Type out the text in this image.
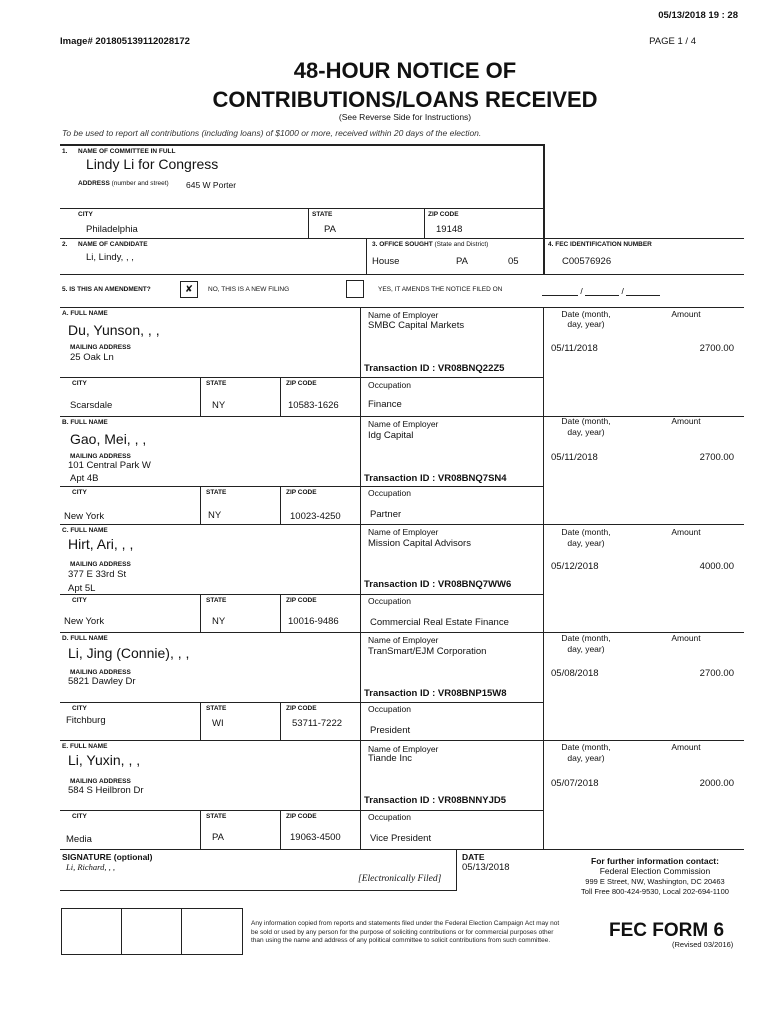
05/13/2018 19 : 28
Image# 201805139112028172	PAGE 1 / 4
48-HOUR NOTICE OF
CONTRIBUTIONS/LOANS RECEIVED
(See Reverse Side for Instructions)
To be used to report all contributions (including loans) of $1000 or more, received within 20 days of the election.
1. NAME OF COMMITTEE IN FULL
Lindy Li for Congress
ADDRESS (number and street) 645 W Porter
CITY	STATE	ZIP CODE
Philadelphia	PA	19148
2. NAME OF CANDIDATE
Li, Lindy, , ,
3. OFFICE SOUGHT (State and District)
House	PA	05
4. FEC IDENTIFICATION NUMBER
C00576926
5. IS THIS AN AMENDMENT?	✘	NO, THIS IS A NEW FILING	YES, IT AMENDS THE NOTICE FILED ON	/	/
A. FULL NAME
Du, Yunson, , ,
MAILING ADDRESS
25 Oak Ln
CITY	STATE	ZIP CODE
Scarsdale	NY	10583-1626
Name of Employer
SMBC Capital Markets
Transaction ID : VR08BNQ22Z5
Occupation
Finance
Date (month,
day, year)
Amount
05/11/2018	2700.00
B. FULL NAME
Gao, Mei, , ,
MAILING ADDRESS
101 Central Park W
Apt 4B
CITY	STATE	ZIP CODE
New York	NY	10023-4250
Name of Employer
Idg Capital
Transaction ID : VR08BNQ7SN4
Occupation
Partner
Date (month,
day, year)
Amount
05/11/2018	2700.00
C. FULL NAME
Hirt, Ari, , ,
MAILING ADDRESS
377 E 33rd St
Apt 5L
CITY	STATE	ZIP CODE
New York	NY	10016-9486
Name of Employer
Mission Capital Advisors
Transaction ID : VR08BNQ7WW6
Occupation
Commercial Real Estate Finance
Date (month,
day, year)
Amount
05/12/2018	4000.00
D. FULL NAME
Li, Jing (Connie), , ,
MAILING ADDRESS
5821 Dawley Dr
CITY	STATE	ZIP CODE
Fitchburg	WI	53711-7222
Name of Employer
TranSmart/EJM Corporation
Transaction ID : VR08BNP15W8
Occupation
President
Date (month,
day, year)
Amount
05/08/2018	2700.00
E. FULL NAME
Li, Yuxin, , ,
MAILING ADDRESS
584 S Heilbron Dr
CITY	STATE	ZIP CODE
Media	PA	19063-4500
Name of Employer
Tiande Inc
Transaction ID : VR08BNNYJD5
Occupation
Vice President
Date (month,
day, year)
Amount
05/07/2018	2000.00
SIGNATURE (optional)
Li, Richard, , ,
[Electronically Filed]
DATE
05/13/2018
For further information contact:
Federal Election Commission
999 E Street, NW, Washington, DC 20463
Toll Free 800-424-9530, Local 202-694-1100
Any information copied from reports and statements filed under the Federal Election Campaign Act may not
be sold or used by any person for the purpose of soliciting contributions or for commercial purposes other
than using the name and address of any political committee to solicit contributions from such committee.	FEC FORM 6
(Revised 03/2016)
